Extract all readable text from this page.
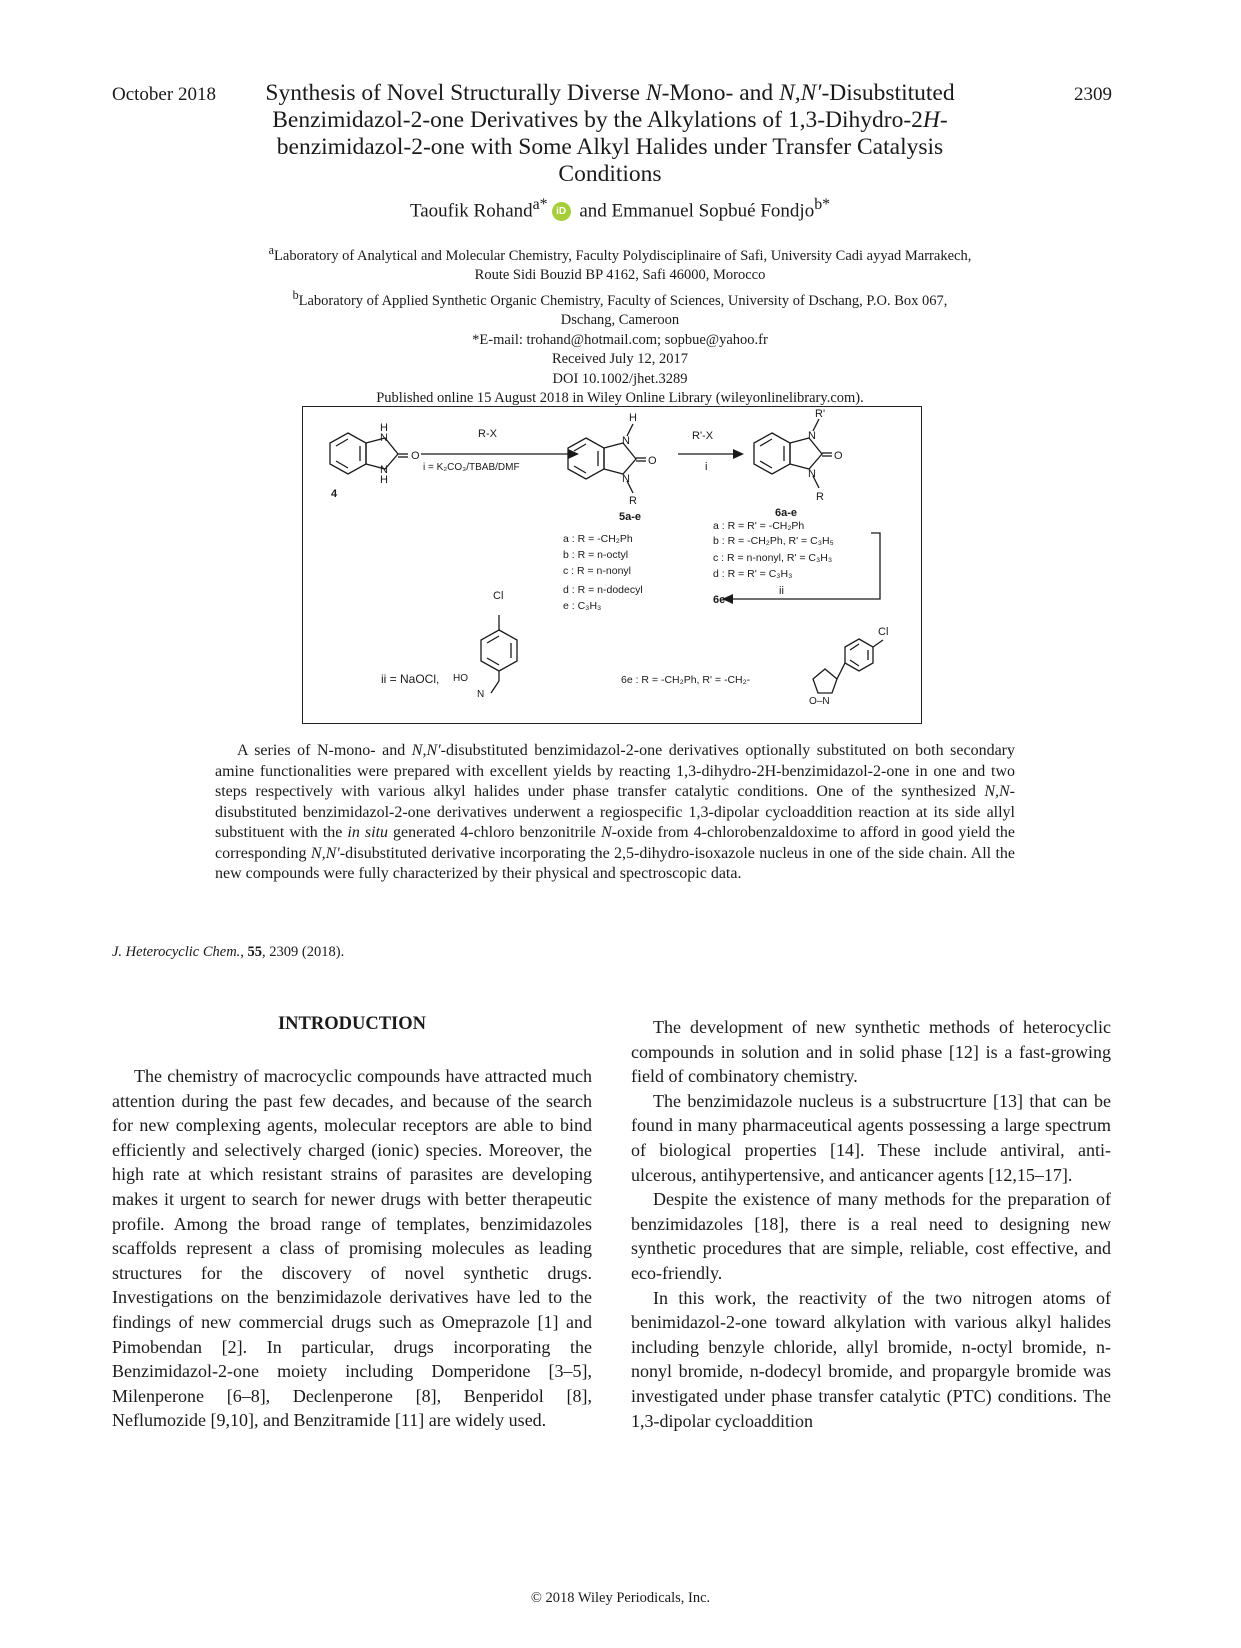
October 2018	2309
Synthesis of Novel Structurally Diverse N-Mono- and N,N′-Disubstituted Benzimidazol-2-one Derivatives by the Alkylations of 1,3-Dihydro-2H-benzimidazol-2-one with Some Alkyl Halides under Transfer Catalysis Conditions
Taoufik Rohand$^{a*}$ iD and Emmanuel Sopbué Fondjo$^{b*}$
$^a$Laboratory of Analytical and Molecular Chemistry, Faculty Polydisciplinaire of Safi, University Cadi ayyad Marrakech,
Route Sidi Bouzid BP 4162, Safi 46000, Morocco
$^b$Laboratory of Applied Synthetic Organic Chemistry, Faculty of Sciences, University of Dschang, P.O. Box 067,
Dschang, Cameroon
*E-mail: trohand@hotmail.com; sopbue@yahoo.fr
Received July 12, 2017
DOI 10.1002/jhet.3289
Published online 15 August 2018 in Wiley Online Library (wileyonlinelibrary.com).
H
N
N
H
O
4
R-X
i = K₂CO₃/TBAB/DMF
H
N
N
O
R
5a-e
R'-X
i
R'
N
N
O
R
6a-e
a : R = -CH₂Ph
b : R = n-octyl
c : R = n-nonyl
d : R = n-dodecyl
e : C₃H₃
a : R = R' = -CH₂Ph
b : R = -CH₂Ph, R' = C₃H₅
c : R = n-nonyl, R' = C₃H₃
d : R = R' = C₃H₃
6e
ii
Cl
ii = NaOCl, HO
N
6e : R = -CH₂Ph, R' = -CH₂-
O–N
Cl

A series of N-mono- and N,N′-disubstituted benzimidazol-2-one derivatives optionally substituted on both secondary amine functionalities were prepared with excellent yields by reacting 1,3-dihydro-2H-benzimidazol-2-one in one and two steps respectively with various alkyl halides under phase transfer catalytic conditions. One of the synthesized N,N-disubstituted benzimidazol-2-one derivatives underwent a regiospecific 1,3-dipolar cycloaddition reaction at its side allyl substituent with the in situ generated 4-chloro benzonitrile N-oxide from 4-chlorobenzaldoxime to afford in good yield the corresponding N,N′-disubstituted derivative incorporating the 2,5-dihydro-isoxazole nucleus in one of the side chain. All the new compounds were fully characterized by their physical and spectroscopic data.

J. Heterocyclic Chem., 55, 2309 (2018).
INTRODUCTION

The chemistry of macrocyclic compounds have attracted much attention during the past few decades, and because of the search for new complexing agents, molecular receptors are able to bind efficiently and selectively charged (ionic) species. Moreover, the high rate at which resistant strains of parasites are developing makes it urgent to search for newer drugs with better therapeutic profile. Among the broad range of templates, benzimidazoles scaffolds represent a class of promising molecules as leading structures for the discovery of novel synthetic drugs. Investigations on the benzimidazole derivatives have led to the findings of new commercial drugs such as Omeprazole [1] and Pimobendan [2]. In particular, drugs incorporating the Benzimidazol-2-one moiety including Domperidone [3–5], Milenperone [6–8], Declenperone [8], Benperidol [8], Neflumozide [9,10], and Benzitramide [11] are widely used.

The development of new synthetic methods of heterocyclic compounds in solution and in solid phase [12] is a fast-growing field of combinatory chemistry.

The benzimidazole nucleus is a substrucrture [13] that can be found in many pharmaceutical agents possessing a large spectrum of biological properties [14]. These include antiviral, anti-ulcerous, antihypertensive, and anticancer agents [12,15–17].

Despite the existence of many methods for the preparation of benzimidazoles [18], there is a real need to designing new synthetic procedures that are simple, reliable, cost effective, and eco-friendly.

In this work, the reactivity of the two nitrogen atoms of benimidazol-2-one toward alkylation with various alkyl halides including benzyle chloride, allyl bromide, n-octyl bromide, n-nonyl bromide, n-dodecyl bromide, and propargyle bromide was investigated under phase transfer catalytic (PTC) conditions. The 1,3-dipolar cycloaddition

© 2018 Wiley Periodicals, Inc.
